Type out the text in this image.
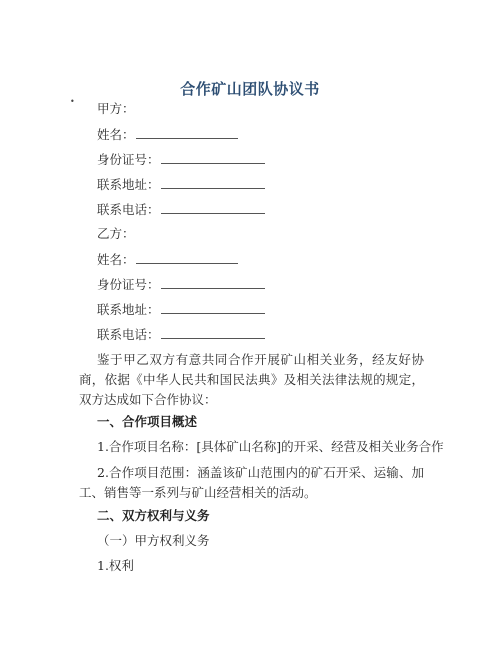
合作矿山团队协议书
• 甲方：
姓名：
身份证号：
联系地址：
联系电话：
乙方：
姓名：
身份证号：
联系地址：
联系电话：
鉴于甲乙双方有意共同合作开展矿山相关业务，经友好协商，依据《中华人民共和国民法典》及相关法律法规的规定，双方达成如下合作协议：
一、合作项目概述
1.合作项目名称：[具体矿山名称]的开采、经营及相关业务合作
2.合作项目范围：涵盖该矿山范围内的矿石开采、运输、加工、销售等一系列与矿山经营相关的活动。
二、双方权利与义务
（一）甲方权利义务
1.权利
